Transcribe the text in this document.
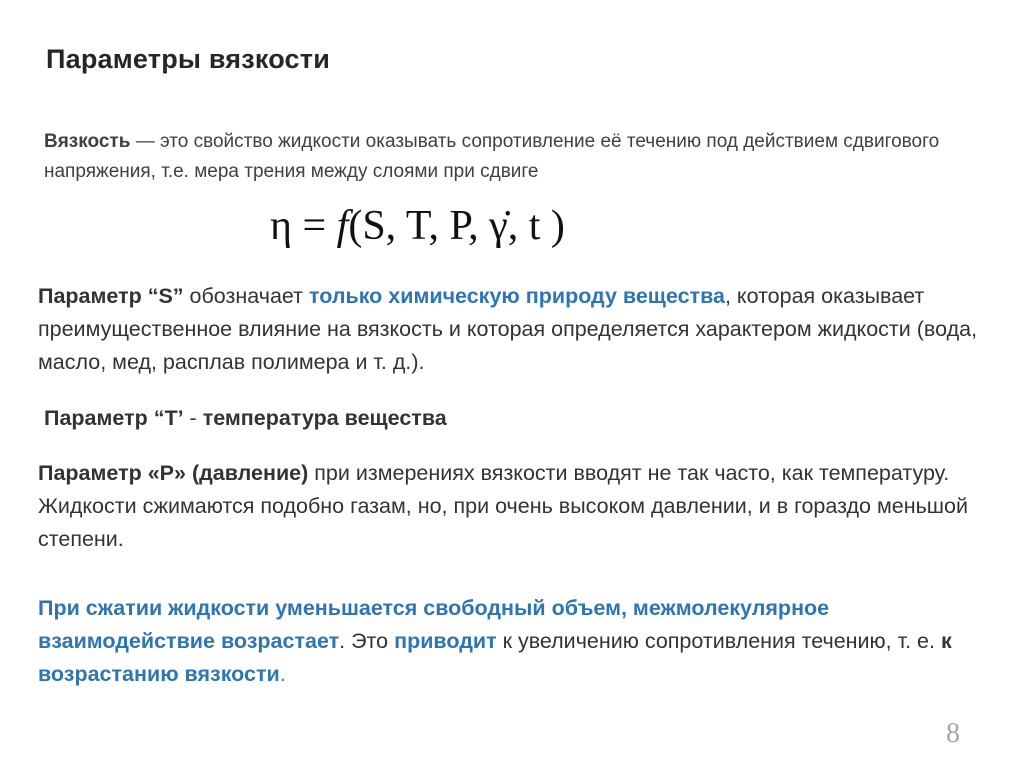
Параметры вязкости
Вязкость — это свойство жидкости оказывать сопротивление её течению под действием сдвигового напряжения, т.е. мера трения между слоями при сдвиге
η = f(S, T, P, γ̇, t )
Параметр “S” обозначает только химическую природу вещества, которая оказывает преимущественное влияние на вязкость и которая определяется характером жидкости (вода, масло, мед, расплав полимера и т. д.).
Параметр “T’ - температура вещества
Параметр «P» (давление) при измерениях вязкости вводят не так часто, как температуру. Жидкости сжимаются подобно газам, но, при очень высоком давлении, и в гораздо меньшой степени.
При сжатии жидкости уменьшается свободный объем, межмолекулярное взаимодействие возрастает. Это приводит к увеличению сопротивления течению, т. е. к возрастанию вязкости.
8
